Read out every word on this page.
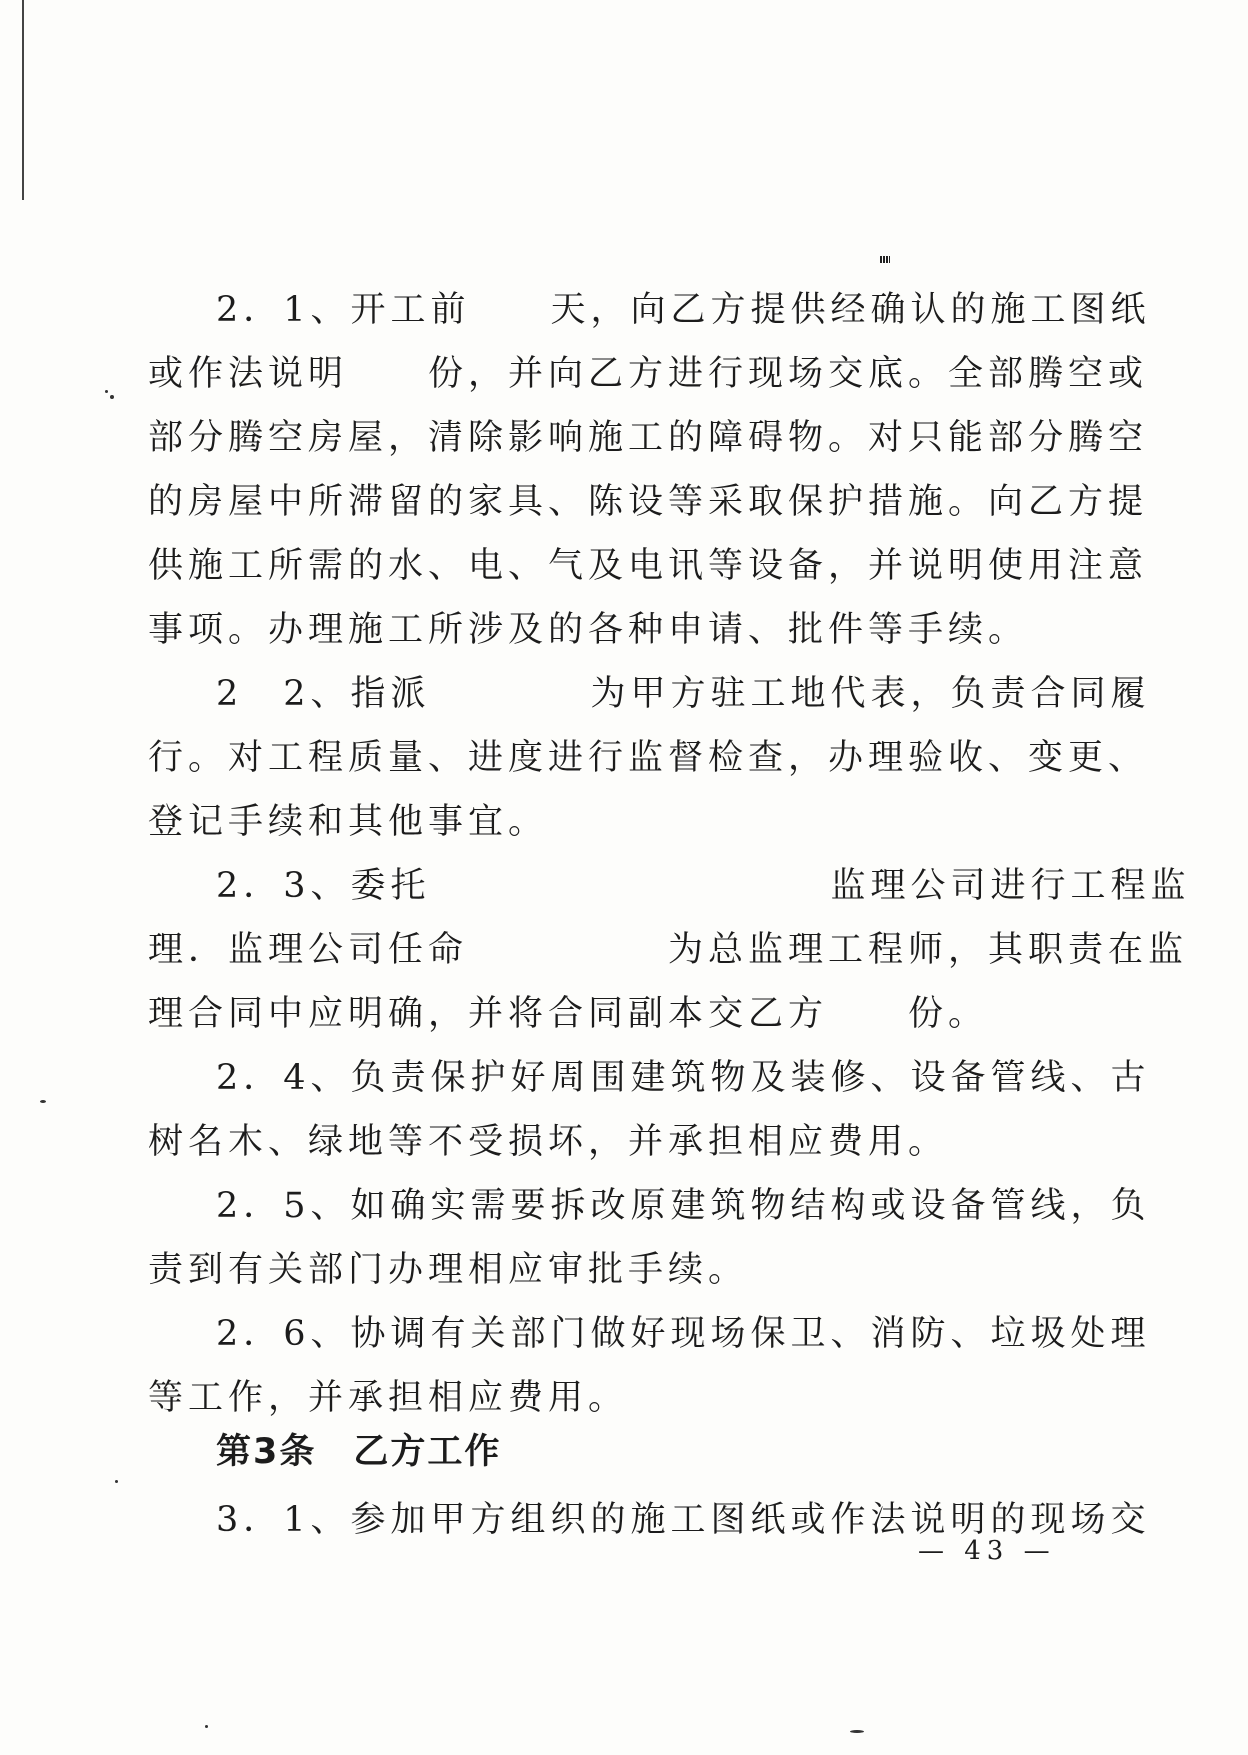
2．1、开工前　　天，向乙方提供经确认的施工图纸

或作法说明　　份，并向乙方进行现场交底。全部腾空或

部分腾空房屋，清除影响施工的障碍物。对只能部分腾空

的房屋中所滞留的家具、陈设等采取保护措施。向乙方提

供施工所需的水、电、气及电讯等设备，并说明使用注意

事项。办理施工所涉及的各种申请、批件等手续。

2　2、指派　　　　为甲方驻工地代表，负责合同履

行。对工程质量、进度进行监督检查，办理验收、变更、

登记手续和其他事宜。

2．3、委托　　　　　　　　　　监理公司进行工程监

理．监理公司任命　　　　　为总监理工程师，其职责在监

理合同中应明确，并将合同副本交乙方　　份。

2．4、负责保护好周围建筑物及装修、设备管线、古

树名木、绿地等不受损坏，并承担相应费用。

2．5、如确实需要拆改原建筑物结构或设备管线，负

责到有关部门办理相应审批手续。

2．6、协调有关部门做好现场保卫、消防、垃圾处理

等工作，并承担相应费用。

第3条　乙方工作

3．1、参加甲方组织的施工图纸或作法说明的现场交

— 43 —
